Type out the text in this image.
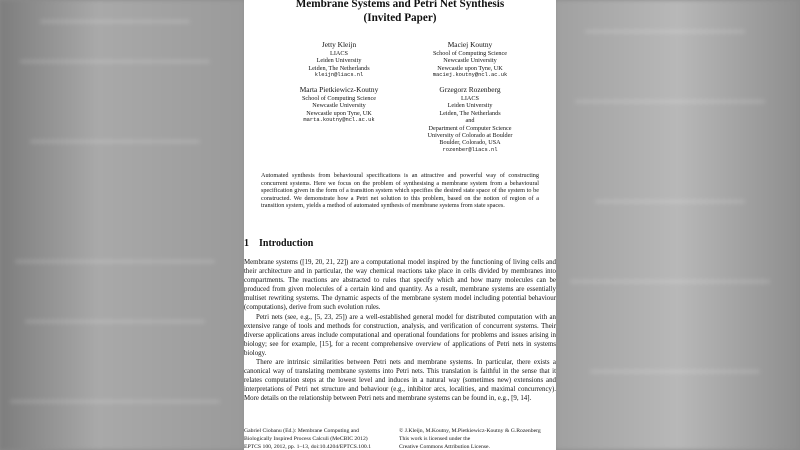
Membrane Systems and Petri Net Synthesis
(Invited Paper)
Jetty Kleijn
LIACS
Leiden University
Leiden, The Netherlands
kleijn@liacs.nl
Maciej Koutny
School of Computing Science
Newcastle University
Newcastle upon Tyne, UK
maciej.koutny@ncl.ac.uk
Marta Pietkiewicz-Koutny
School of Computing Science
Newcastle University
Newcastle upon Tyne, UK
marta.koutny@ncl.ac.uk
Grzegorz Rozenberg
LIACS
Leiden University
Leiden, The Netherlands
and
Department of Computer Science
University of Colorado at Boulder
Boulder, Colorado, USA
rozenber@liacs.nl
Automated synthesis from behavioural specifications is an attractive and powerful way of constructing concurrent systems. Here we focus on the problem of synthesising a membrane system from a behavioural specification given in the form of a transition system which specifies the desired state space of the system to be constructed. We demonstrate how a Petri net solution to this problem, based on the notion of region of a transition system, yields a method of automated synthesis of membrane systems from state spaces.
1 Introduction

Membrane systems ([19, 20, 21, 22]) are a computational model inspired by the functioning of living cells and their architecture and in particular, the way chemical reactions take place in cells divided by membranes into compartments. The reactions are abstracted to rules that specify which and how many molecules can be produced from given molecules of a certain kind and quantity. As a result, membrane systems are essentially multiset rewriting systems. The dynamic aspects of the membrane system model including potential behaviour (computations), derive from such evolution rules.

Petri nets (see, e.g., [5, 23, 25]) are a well-established general model for distributed computation with an extensive range of tools and methods for construction, analysis, and verification of concurrent systems. Their diverse applications areas include computational and operational foundations for problems and issues arising in biology; see for example, [15], for a recent comprehensive overview of applications of Petri nets in systems biology.

There are intrinsic similarities between Petri nets and membrane systems. In particular, there exists a canonical way of translating membrane systems into Petri nets. This translation is faithful in the sense that it relates computation steps at the lowest level and induces in a natural way (sometimes new) extensions and interpretations of Petri net structure and behaviour (e.g., inhibitor arcs, localities, and maximal concurrency). More details on the relationship between Petri nets and membrane systems can be found in, e.g., [9, 14].

Gabriel Ciobanu (Ed.): Membrane Computing and
Biologically Inspired Process Calculi (MeCBIC 2012)
EPTCS 100, 2012, pp. 1–13, doi:10.4204/EPTCS.100.1
© J.Kleijn, M.Koutny, M.Pietkiewicz-Koutny & G.Rozenberg
This work is licensed under the
Creative Commons Attribution License.
